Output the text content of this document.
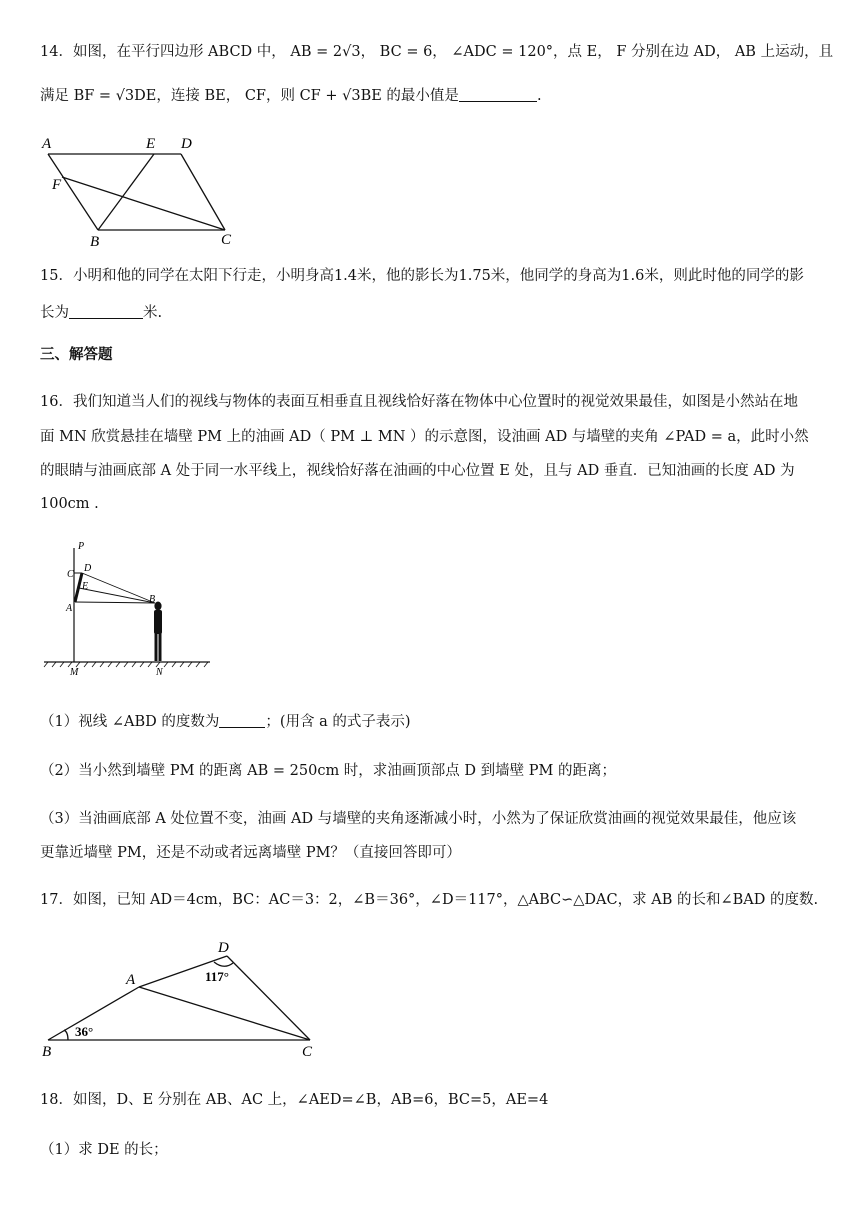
14．如图，在平行四边形 ABCD 中， AB = 2√3， BC = 6， ∠ADC = 120°，点 E， F 分别在边 AD， AB 上运动，且
满足 BF = √3DE，连接 BE， CF，则 CF + √3BE 的最小值是	.
A	E D
F
B	C
15．小明和他的同学在太阳下行走，小明身高1.4米，他的影长为1.75米，他同学的身高为1.6米，则此时他的同学的影
长为	米.
三、解答题
16．我们知道当人们的视线与物体的表面互相垂直且视线恰好落在物体中心位置时的视觉效果最佳，如图是小然站在地
面 MN 欣赏悬挂在墙壁 PM 上的油画 AD（ PM ⊥ MN ）的示意图，设油画 AD 与墙壁的夹角 ∠PAD = a，此时小然
的眼睛与油画底部 A 处于同一水平线上，视线恰好落在油画的中心位置 E 处，且与 AD 垂直．已知油画的长度 AD 为
100cm .
P
C
D
E
A
B
M	N
（1）视线 ∠ABD 的度数为	；(用含 a 的式子表示)
（2）当小然到墙壁 PM 的距离 AB = 250cm 时，求油画顶部点 D 到墙壁 PM 的距离；
（3）当油画底部 A 处位置不变，油画 AD 与墙壁的夹角逐渐减小时，小然为了保证欣赏油画的视觉效果最佳，他应该
更靠近墙壁 PM，还是不动或者远离墙壁 PM？（直接回答即可）
17．如图，已知 AD＝4cm，BC：AC＝3：2，∠B＝36°，∠D＝117°，△ABC∽△DAC，求 AB 的长和∠BAD 的度数.
D
A
B	C
117°
36°
18．如图，D、E 分别在 AB、AC 上，∠AED=∠B，AB=6，BC=5，AE=4
（1）求 DE 的长；
